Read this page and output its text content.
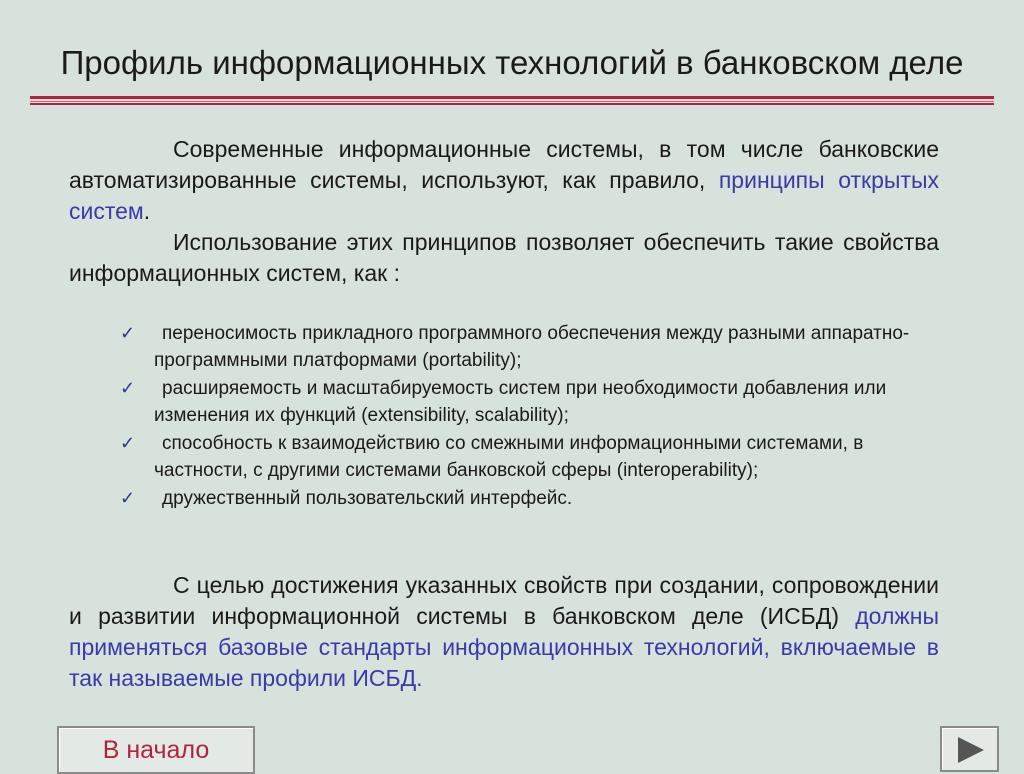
Профиль информационных технологий в банковском деле

Современные информационные системы, в том числе банковские автоматизированные системы, используют, как правило, принципы открытых систем.

Использование этих принципов позволяет обеспечить такие свойства информационных систем, как :

✓	переносимость прикладного программного обеспечения между разными аппаратно-программными платформами (portability);
✓	расширяемость и масштабируемость систем при необходимости добавления или изменения их функций (extensibility, scalability);
✓	способность к взаимодействию со смежными информационными системами, в частности, с другими системами банковской сферы (interoperability);
✓	дружественный пользовательский интерфейс.

С целью достижения указанных свойств при создании, сопровождении и развитии информационной системы в банковском деле (ИСБД) должны применяться базовые стандарты информационных технологий, включаемые в так называемые профили ИСБД.

В начало
